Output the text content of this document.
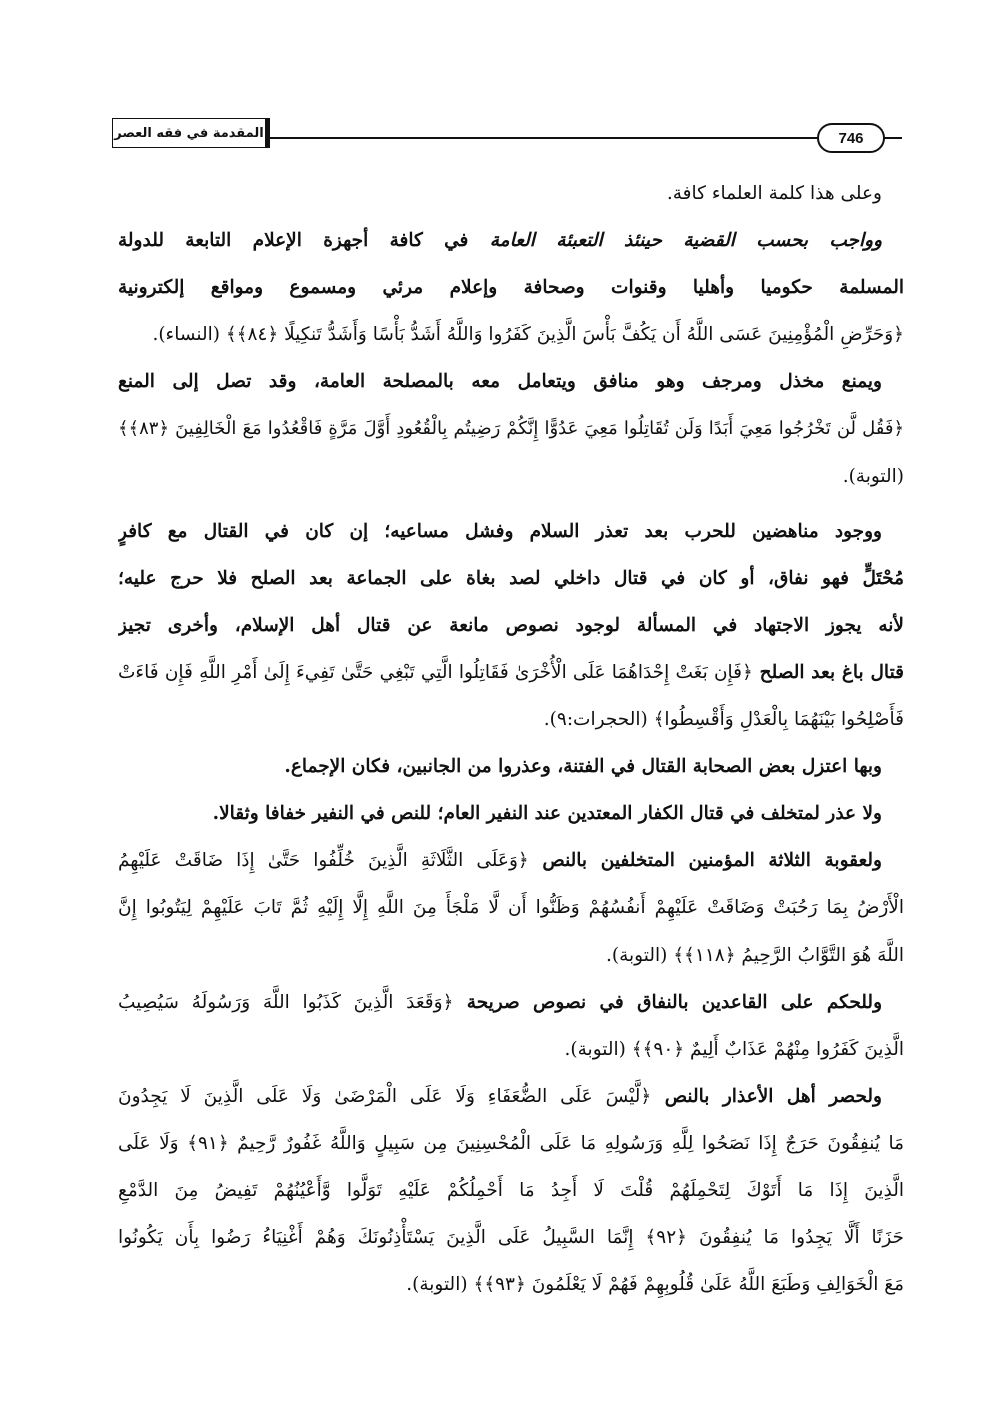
المقدمة في فقه العصر	746
وعلى هذا كلمة العلماء كافة.
وواجب بحسب القضية حينئذ التعبئة العامة في كافة أجهزة الإعلام التابعة للدولة
المسلمة حكوميا وأهليا وقنوات وصحافة وإعلام مرئي ومسموع ومواقع إلكترونية
﴿وَحَرِّضِ الْمُؤْمِنِينَ عَسَى اللَّهُ أَن يَكُفَّ بَأْسَ الَّذِينَ كَفَرُوا وَاللَّهُ أَشَدُّ بَأْسًا وَأَشَدُّ تَنكِيلًا ﴿٨٤﴾﴾ (النساء).
ويمنع مخذل ومرجف وهو منافق ويتعامل معه بالمصلحة العامة، وقد تصل إلى المنع
﴿فَقُل لَّن تَخْرُجُوا مَعِيَ أَبَدًا وَلَن تُقَاتِلُوا مَعِيَ عَدُوًّا إِنَّكُمْ رَضِيتُم بِالْقُعُودِ أَوَّلَ مَرَّةٍ فَاقْعُدُوا مَعَ الْخَالِفِينَ ﴿٨٣﴾﴾
(التوبة).
ووجود مناهضين للحرب بعد تعذر السلام وفشل مساعيه؛ إن كان في القتال مع كافرٍ
مُحْتَلٍّ فهو نفاق، أو كان في قتال داخلي لصد بغاة على الجماعة بعد الصلح فلا حرج عليه؛
لأنه يجوز الاجتهاد في المسألة لوجود نصوص مانعة عن قتال أهل الإسلام، وأخرى تجيز
قتال باغ بعد الصلح ﴿فَإِن بَغَتْ إِحْدَاهُمَا عَلَى الْأُخْرَىٰ فَقَاتِلُوا الَّتِي تَبْغِي حَتَّىٰ تَفِيءَ إِلَىٰ أَمْرِ اللَّهِ فَإِن فَاءَتْ
فَأَصْلِحُوا بَيْنَهُمَا بِالْعَدْلِ وَأَقْسِطُوا﴾ (الحجرات:٩).
وبها اعتزل بعض الصحابة القتال في الفتنة، وعذروا من الجانبين، فكان الإجماع.
ولا عذر لمتخلف في قتال الكفار المعتدين عند النفير العام؛ للنص في النفير خفافا وثقالا.
ولعقوبة الثلاثة المؤمنين المتخلفين بالنص ﴿وَعَلَى الثَّلَاثَةِ الَّذِينَ خُلِّفُوا حَتَّىٰ إِذَا ضَاقَتْ عَلَيْهِمُ
الْأَرْضُ بِمَا رَحُبَتْ وَضَاقَتْ عَلَيْهِمْ أَنفُسُهُمْ وَظَنُّوا أَن لَّا مَلْجَأَ مِنَ اللَّهِ إِلَّا إِلَيْهِ ثُمَّ تَابَ عَلَيْهِمْ لِيَتُوبُوا إِنَّ
اللَّهَ هُوَ التَّوَّابُ الرَّحِيمُ ﴿١١٨﴾﴾ (التوبة).
وللحكم على القاعدين بالنفاق في نصوص صريحة ﴿وَقَعَدَ الَّذِينَ كَذَبُوا اللَّهَ وَرَسُولَهُ سَيُصِيبُ
الَّذِينَ كَفَرُوا مِنْهُمْ عَذَابٌ أَلِيمٌ ﴿٩٠﴾﴾ (التوبة).
ولحصر أهل الأعذار بالنص ﴿لَّيْسَ عَلَى الضُّعَفَاءِ وَلَا عَلَى الْمَرْضَىٰ وَلَا عَلَى الَّذِينَ لَا يَجِدُونَ
مَا يُنفِقُونَ حَرَجٌ إِذَا نَصَحُوا لِلَّهِ وَرَسُولِهِ مَا عَلَى الْمُحْسِنِينَ مِن سَبِيلٍ وَاللَّهُ غَفُورٌ رَّحِيمٌ ﴿٩١﴾ وَلَا عَلَى
الَّذِينَ إِذَا مَا أَتَوْكَ لِتَحْمِلَهُمْ قُلْتَ لَا أَجِدُ مَا أَحْمِلُكُمْ عَلَيْهِ تَوَلَّوا وَّأَعْيُنُهُمْ تَفِيضُ مِنَ الدَّمْعِ
حَزَنًا أَلَّا يَجِدُوا مَا يُنفِقُونَ ﴿٩٢﴾ إِنَّمَا السَّبِيلُ عَلَى الَّذِينَ يَسْتَأْذِنُونَكَ وَهُمْ أَغْنِيَاءُ رَضُوا بِأَن يَكُونُوا
مَعَ الْخَوَالِفِ وَطَبَعَ اللَّهُ عَلَىٰ قُلُوبِهِمْ فَهُمْ لَا يَعْلَمُونَ ﴿٩٣﴾﴾ (التوبة).
